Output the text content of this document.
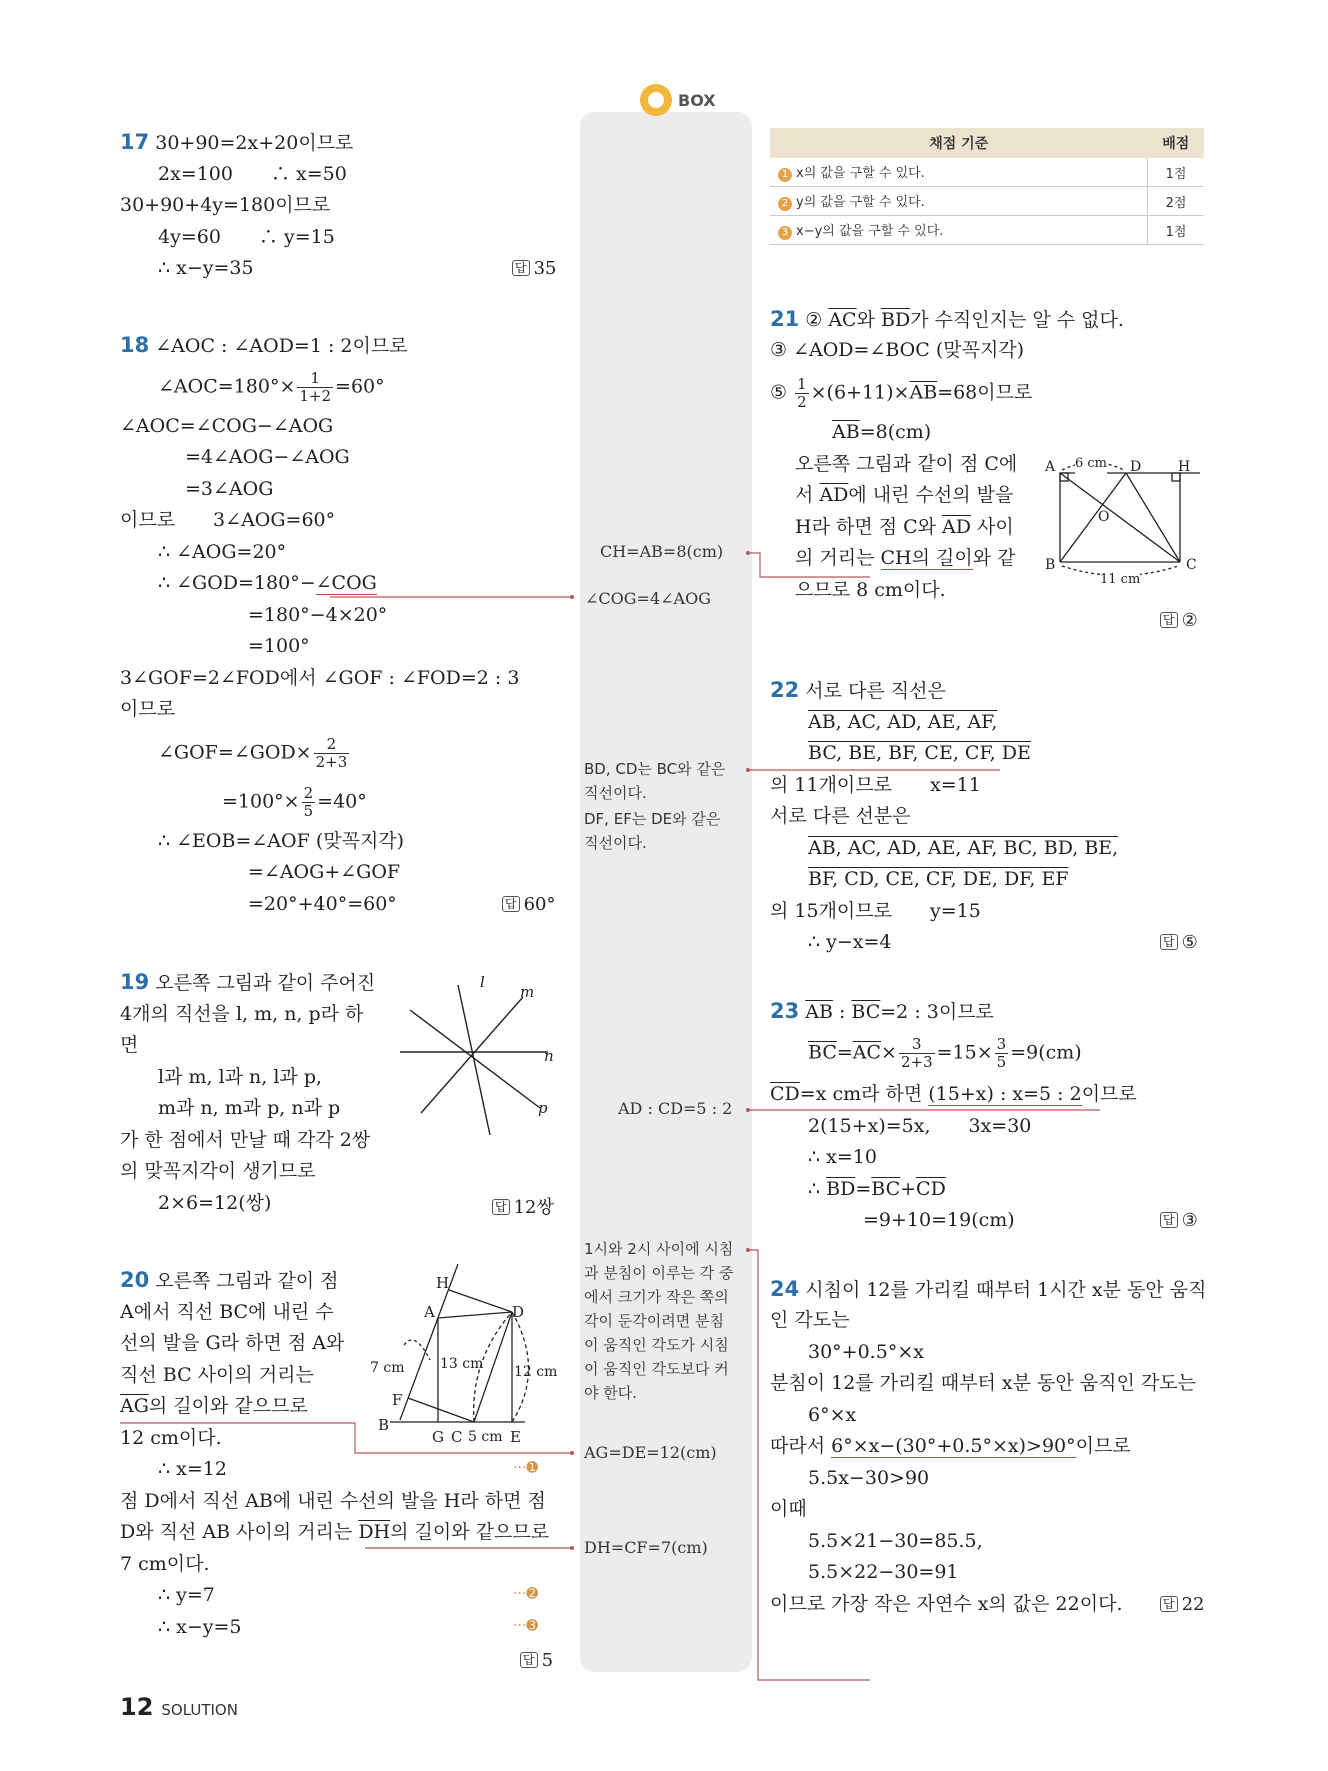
BOX
채점 기준	배점
1 x의 값을 구할 수 있다.	1점
2 y의 값을 구할 수 있다.	2점
3 x−y의 값을 구할 수 있다.	1점
l
m
n
p
H
A	D
F
B
G C	E
7 cm	13 cm 12 cm
5 cm
A	D	H
O
B	C
6 cm
11 cm
17 30+90=2x+20이므로
2x=100　　∴ x=50
30+90+4y=180이므로
4y=60　　∴ y=15
∴ x−y=35	답 35
18 ∠AOC : ∠AOD=1 : 2이므로
∠AOC=180°× $\frac{1}{1+2} =60^\circ$
∠AOC=∠COG−∠AOG
=4∠AOG−∠AOG
=3∠AOG
이므로　　3∠AOG=60°
∴ ∠AOG=20°
∴ ∠GOD=180°−∠COG
=180°−4×20°
=100°
3∠GOF=2∠FOD에서 ∠GOF : ∠FOD=2 : 3
이므로
∠GOF=∠GOD× $\frac{2}{2+3}$
$=100^\circ\times \frac{2}{5} =40^\circ$
∴ ∠EOB=∠AOF (맞꼭지각)
=∠AOG+∠GOF
=20°+40°=60°	답 60°
19 오른쪽 그림과 같이 주어진
4개의 직선을 l, m, n, p라 하
면
l과 m, l과 n, l과 p,
m과 n, m과 p, n과 p
가 한 점에서 만날 때 각각 2쌍
의 맞꼭지각이 생기므로
2×6=12(쌍)	답 12쌍
20 오른쪽 그림과 같이 점
A에서 직선 BC에 내린 수
선의 발을 G라 하면 점 A와
직선 BC 사이의 거리는
$\overline{AG}$의 길이와 같으므로
12 cm이다.
∴ x=12	···➊
점 D에서 직선 AB에 내린 수선의 발을 H라 하면 점
D와 직선 AB 사이의 거리는 $\overline{DH}$의 길이와 같으므로
7 cm이다.
∴ y=7	···➋
∴ x−y=5	···➌
답 5
CH=AB=8(cm)
∠COG=4∠AOG
BD, CD는 BC와 같은
직선이다.
DF, EF는 DE와 같은
직선이다.
AD : CD=5 : 2
1시와 2시 사이에 시침
과 분침이 이루는 각 중
에서 크기가 작은 쪽의
각이 둔각이려면 분침
이 움직인 각도가 시침
이 움직인 각도보다 커
야 한다.
AG=DE=12(cm)
DH=CF=7(cm)
21 ② $\overline{AC}$와 $\overline{BD}$가 수직인지는 알 수 없다.
③ ∠AOD=∠BOC (맞꼭지각)
⑤ $\frac{1}{2} \times(6+11)\times\overline{AB}=68$이므로
$\overline{AB}=8(cm)$
오른쪽 그림과 같이 점 C에
서 $\overline{AD}$에 내린 수선의 발을
H라 하면 점 C와 $\overline{AD}$ 사이
의 거리는 CH의 길이와 같
으므로 8 cm이다.
답 ②
22 서로 다른 직선은
AB, AC, AD, AE, AF,
BC, BE, BF, CE, CF, DE
의 11개이므로　　x=11
서로 다른 선분은
AB, AC, AD, AE, AF, BC, BD, BE,
BF, CD, CE, CF, DE, DF, EF
의 15개이므로　　y=15
∴ y−x=4	답 ⑤
23 $\overline{AB}$ : $\overline{BC}=2$ : 3이므로
$\overline{BC}=\overline{AC}\times \frac{3}{2+3} =15\times \frac{3}{5} =9(cm)$
$\overline{CD}=x$ cm라 하면 (15+x) : x=5 : 2이므로
2(15+x)=5x,　　3x=30
∴ x=10
∴ $\overline{BD}=\overline{BC}+\overline{CD}$
=9+10=19(cm)	답 ③
24 시침이 12를 가리킬 때부터 1시간 x분 동안 움직
인 각도는
30°+0.5°×x
분침이 12를 가리킬 때부터 x분 동안 움직인 각도는
6°×x
따라서 6°×x−(30°+0.5°×x)>90°이므로
5.5x−30>90
이때
5.5×21−30=85.5,
5.5×22−30=91
이므로 가장 작은 자연수 x의 값은 22이다.	답 22
12 SOLUTION
